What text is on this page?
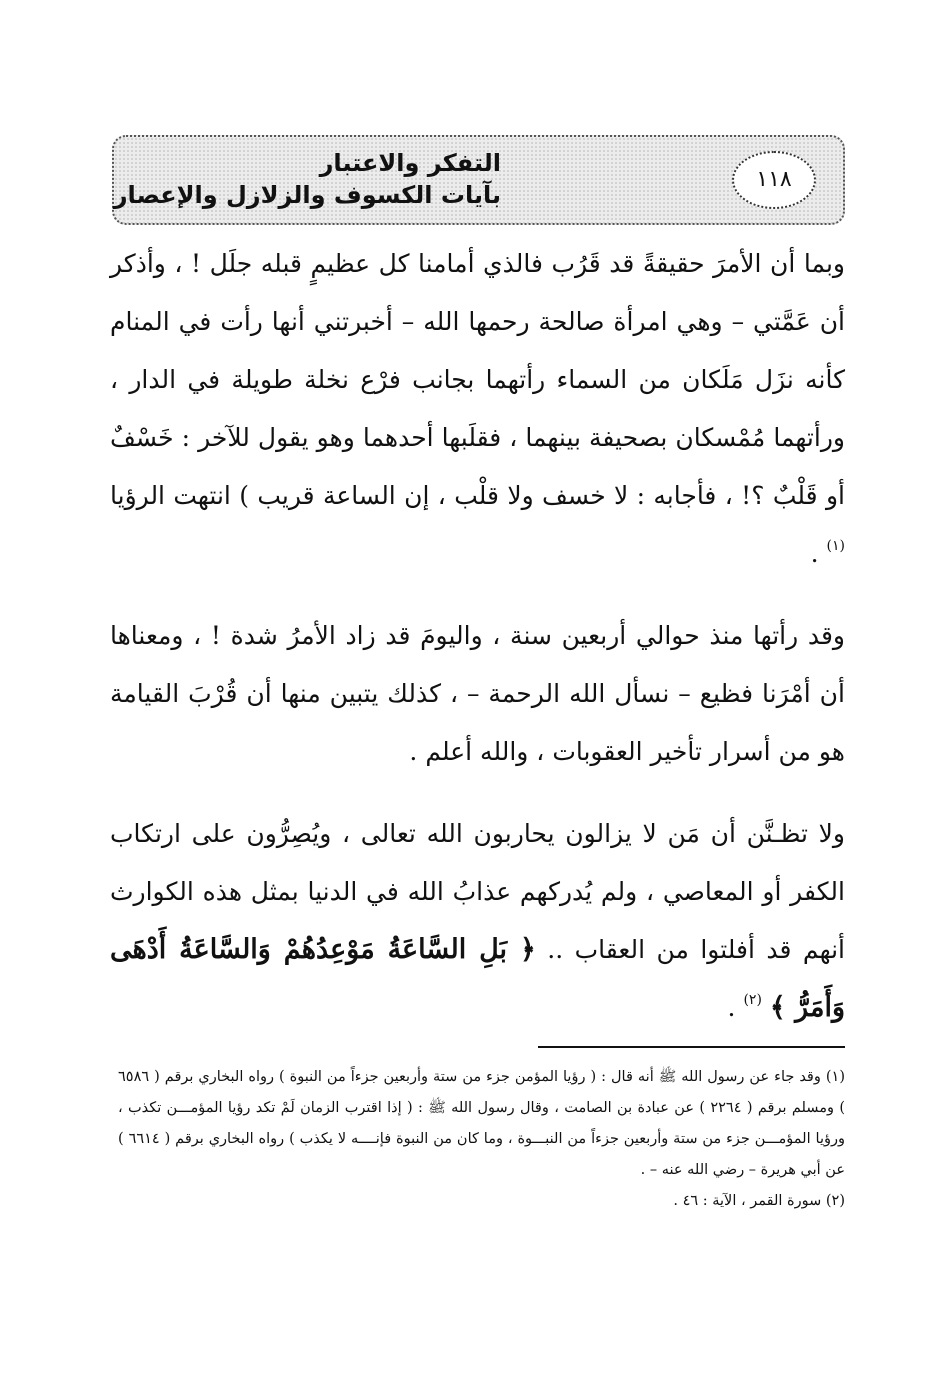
التفكر والاعتبار
بآيات الكسوف والزلازل والإعصار
١١٨

وبما أن الأمرَ حقيقةً قد قَرُب فالذي أمامنا كل عظيمٍ قبله جلَل ! ، وأذكر أن عَمَّتي – وهي امرأة صالحة رحمها الله – أخبرتني أنها رأت في المنام كأنه نزَل مَلَكان من السماء رأتهما بجانب فرْع نخلة طويلة في الدار ، ورأتهما مُمْسكان بصحيفة بينهما ، فقلَبها أحدهما وهو يقول للآخر : خَسْفٌ أو قَلْبٌ ؟! ، فأجابه : لا خسف ولا قلْب ، إن الساعة قريب ) انتهت الرؤيا $^{(١)}$ .

وقد رأتها منذ حوالي أربعين سنة ، واليومَ قد زاد الأمرُ شدة ! ، ومعناها أن أمْرَنا فظيع – نسأل الله الرحمة – ، كذلك يتبين منها أن قُرْبَ القيامة هو من أسرار تأخير العقوبات ، والله أعلم .

ولا تظـنَّن أن مَن لا يزالون يحاربون الله تعالى ، ويُصِرُّون على ارتكاب الكفر أو المعاصي ، ولم يُدركهم عذابُ الله في الدنيا بمثل هذه الكوارث أنهم قد أفلتوا من العقاب .. ﴿ بَلِ السَّاعَةُ مَوْعِدُهُمْ وَالسَّاعَةُ أَدْهَى وَأَمَرُّ ﴾ $^{(٢)}$ .

(١) وقد جاء عن رسول الله ﷺ أنه قال : ( رؤيا المؤمن جزء من ستة وأربعين جزءاً من النبوة ) رواه البخاري برقم ( ٦٥٨٦ ) ومسلم برقم ( ٢٢٦٤ ) عن عبادة بن الصامت ، وقال رسول الله ﷺ : ( إذا اقترب الزمان لَمْ تكد رؤيا المؤمـــن تكذب ، ورؤيا المؤمـــن جزء من ستة وأربعين جزءاً من النبـــوة ، وما كان من النبوة فإنــــه لا يكذب ) رواه البخاري برقم ( ٦٦١٤ ) عن أبي هريرة – رضي الله عنه – .

(٢) سورة القمر ، الآية : ٤٦ .
